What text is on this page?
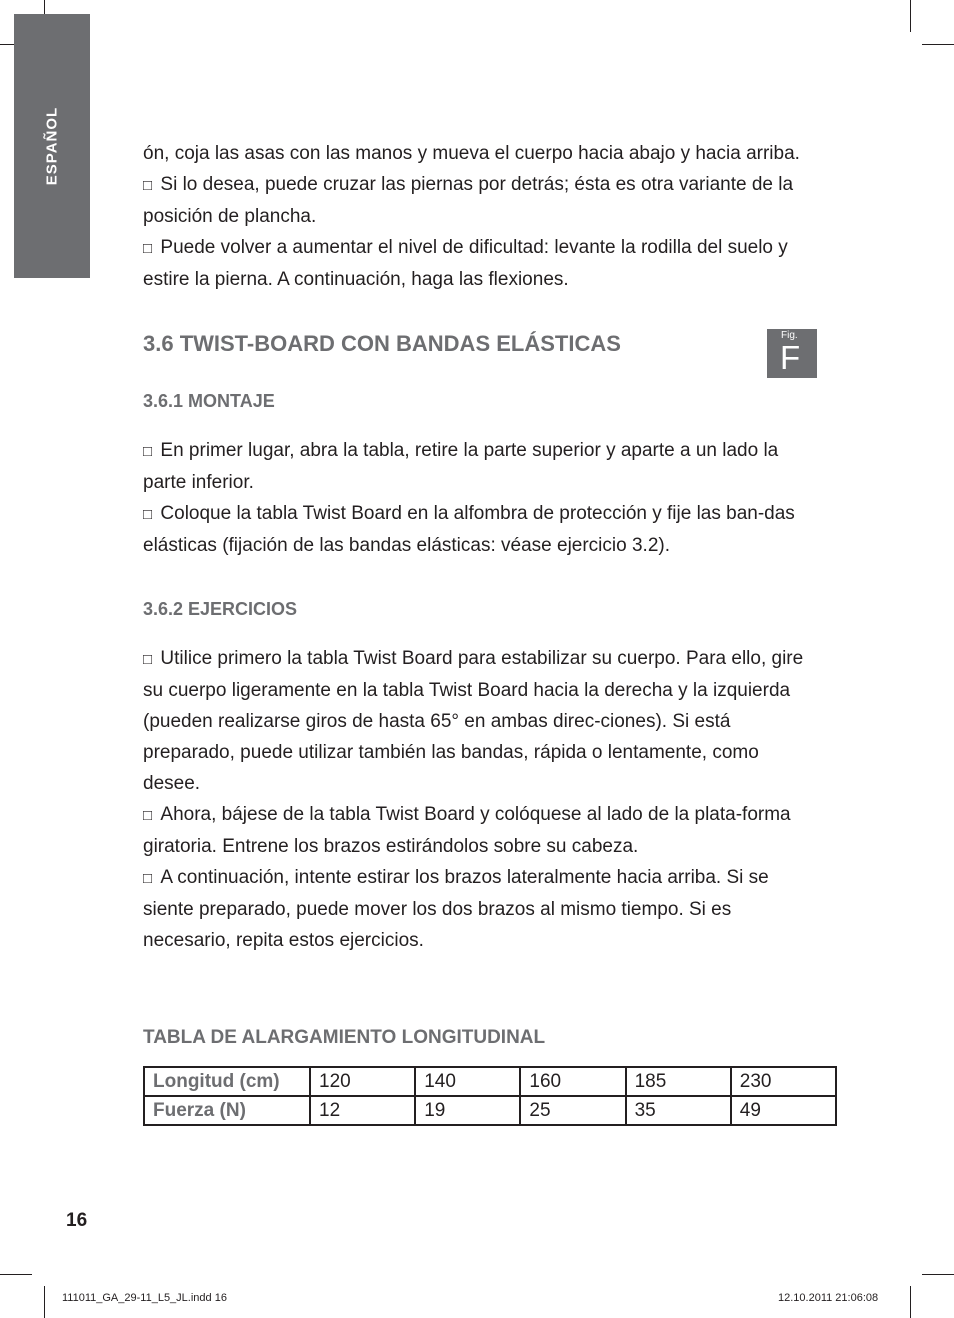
ESPAÑOL
Fig.
F

ón, coja las asas con las manos y mueva el cuerpo hacia abajo y hacia arriba.

□  Si lo desea, puede cruzar las piernas por detrás; ésta es otra variante de la posición de plancha.

□  Puede volver a aumentar el nivel de dificultad: levante la rodilla del suelo y estire la pierna. A continuación, haga las flexiones.

3.6 TWIST-BOARD CON BANDAS ELÁSTICAS
3.6.1 MONTAJE

□  En primer lugar, abra la tabla, retire la parte superior y aparte a un lado la parte inferior.

□  Coloque la tabla Twist Board en la alfombra de protección y fije las ban-das elásticas (fijación de las bandas elásticas: véase ejercicio 3.2).

3.6.2 EJERCICIOS

□  Utilice primero la tabla Twist Board para estabilizar su cuerpo. Para ello, gire su cuerpo ligeramente en la tabla Twist Board hacia la derecha y la izquierda (pueden realizarse giros de hasta 65° en ambas direc-ciones). Si está preparado, puede utilizar también las bandas, rápida o lentamente, como desee.

□  Ahora, bájese de la tabla Twist Board y colóquese al lado de la plata-forma giratoria. Entrene los brazos estirándolos sobre su cabeza.

□  A continuación, intente estirar los brazos lateralmente hacia arriba. Si se siente preparado, puede mover los dos brazos al mismo tiempo. Si es necesario, repita estos ejercicios.

TABLA DE ALARGAMIENTO LONGITUDINAL
Longitud (cm)	120	140	160	185	230
Fuerza (N)	12	19	25	35	49
16
111011_GA_29-11_L5_JL.indd 16	12.10.2011 21:06:08
